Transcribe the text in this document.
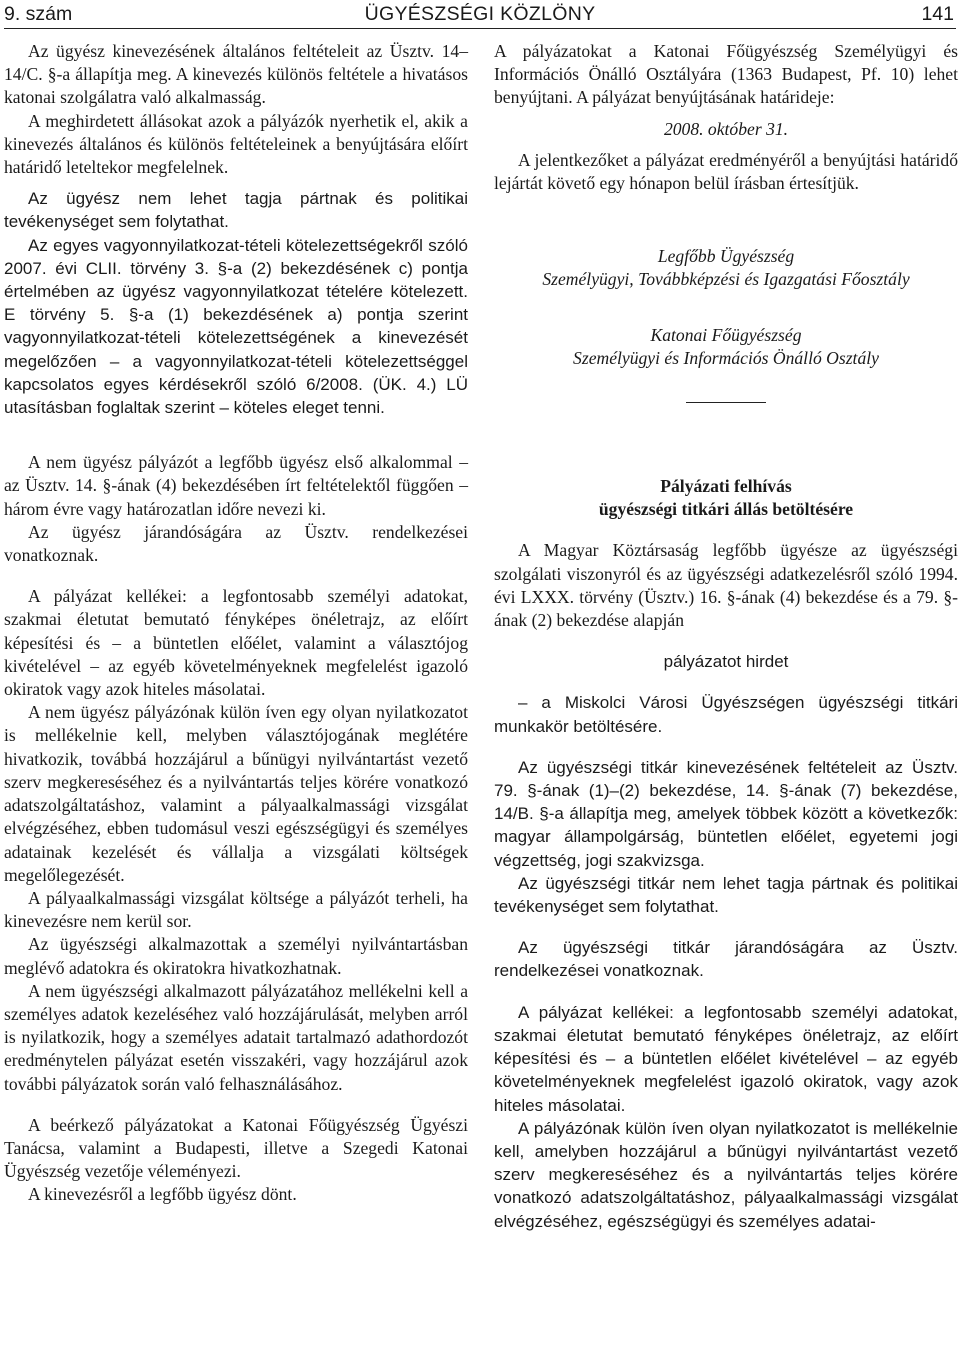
9. szám	ÜGYÉSZSÉGI KÖZLÖNY	141

Az ügyész kinevezésének általános feltételeit az Üsztv. 14–14/C. §-a állapítja meg. A kinevezés különös feltétele a hivatásos katonai szolgálatra való alkalmasság.

A meghirdetett állásokat azok a pályázók nyerhetik el, akik a kinevezés általános és különös feltételeinek a benyújtására előírt határidő leteltekor megfelelnek.

Az ügyész nem lehet tagja pártnak és politikai tevékenységet sem folytathat.

Az egyes vagyonnyilatkozat-tételi kötelezettségekről szóló 2007. évi CLII. törvény 3. §-a (2) bekezdésének c) pontja értelmében az ügyész vagyonnyilatkozat tételére kötelezett. E törvény 5. §-a (1) bekezdésének a) pontja szerint vagyonnyilatkozat-tételi kötelezettségének a kinevezését megelőzően – a vagyonnyilatkozat-tételi kötelezettséggel kapcsolatos egyes kérdésekről szóló 6/2008. (ÜK. 4.) LÜ utasításban foglaltak szerint – köteles eleget tenni.

A nem ügyész pályázót a legfőbb ügyész első alkalommal – az Üsztv. 14. §-ának (4) bekezdésében írt feltételektől függően – három évre vagy határozatlan időre nevezi ki.

Az ügyész járandóságára az Üsztv. rendelkezései vonatkoznak.

A pályázat kellékei: a legfontosabb személyi adatokat, szakmai életutat bemutató fényképes önéletrajz, az előírt képesítési és – a büntetlen előélet, valamint a választójog kivételével – az egyéb követelményeknek megfelelést igazoló okiratok vagy azok hiteles másolatai.

A nem ügyész pályázónak külön íven egy olyan nyilatkozatot is mellékelnie kell, melyben választójogának meglétére hivatkozik, továbbá hozzájárul a bűnügyi nyilvántartást vezető szerv megkereséséhez és a nyilvántartás teljes körére vonatkozó adatszolgáltatáshoz, valamint a pályaalkalmassági vizsgálat elvégzéséhez, ebben tudomásul veszi egészségügyi és személyes adatainak kezelését és vállalja a vizsgálati költségek megelőlegezését.

A pályaalkalmassági vizsgálat költsége a pályázót terheli, ha kinevezésre nem kerül sor.

Az ügyészségi alkalmazottak a személyi nyilvántartásban meglévő adatokra és okiratokra hivatkozhatnak.

A nem ügyészségi alkalmazott pályázatához mellékelni kell a személyes adatok kezeléséhez való hozzájárulását, melyben arról is nyilatkozik, hogy a személyes adatait tartalmazó adathordozót eredménytelen pályázat esetén visszakéri, vagy hozzájárul azok további pályázatok során való felhasználásához.

A beérkező pályázatokat a Katonai Főügyészség Ügyészi Tanácsa, valamint a Budapesti, illetve a Szegedi Katonai Ügyészség vezetője véleményezi.

A kinevezésről a legfőbb ügyész dönt.

A pályázatokat a Katonai Főügyészség Személyügyi és Információs Önálló Osztályára (1363 Budapest, Pf. 10) lehet benyújtani. A pályázat benyújtásának határideje:

2008. október 31.

A jelentkezőket a pályázat eredményéről a benyújtási határidő lejártát követő egy hónapon belül írásban értesítjük.

Legfőbb Ügyészség

Személyügyi, Továbbképzési és Igazgatási Főosztály

Katonai Főügyészség

Személyügyi és Információs Önálló Osztály

Pályázati felhívás

ügyészségi titkári állás betöltésére

A Magyar Köztársaság legfőbb ügyésze az ügyészségi szolgálati viszonyról és az ügyészségi adatkezelésről szóló 1994. évi LXXX. törvény (Üsztv.) 16. §-ának (4) bekezdése és a 79. §-ának (2) bekezdése alapján

pályázatot hirdet

– a Miskolci Városi Ügyészségen ügyészségi titkári munkakör betöltésére.

Az ügyészségi titkár kinevezésének feltételeit az Üsztv. 79. §-ának (1)–(2) bekezdése, 14. §-ának (7) bekezdése, 14/B. §-a állapítja meg, amelyek többek között a következők: magyar állampolgárság, büntetlen előélet, egyetemi jogi végzettség, jogi szakvizsga.

Az ügyészségi titkár nem lehet tagja pártnak és politikai tevékenységet sem folytathat.

Az ügyészségi titkár járandóságára az Üsztv. rendelkezései vonatkoznak.

A pályázat kellékei: a legfontosabb személyi adatokat, szakmai életutat bemutató fényképes önéletrajz, az előírt képesítési és – a büntetlen előélet kivételével – az egyéb követelményeknek megfelelést igazoló okiratok, vagy azok hiteles másolatai.

A pályázónak külön íven olyan nyilatkozatot is mellékelnie kell, amelyben hozzájárul a bűnügyi nyilvántartást vezető szerv megkereséséhez és a nyilvántartás teljes körére vonatkozó adatszolgáltatáshoz, pályaalkalmassági vizsgálat elvégzéséhez, egészségügyi és személyes adatai-
